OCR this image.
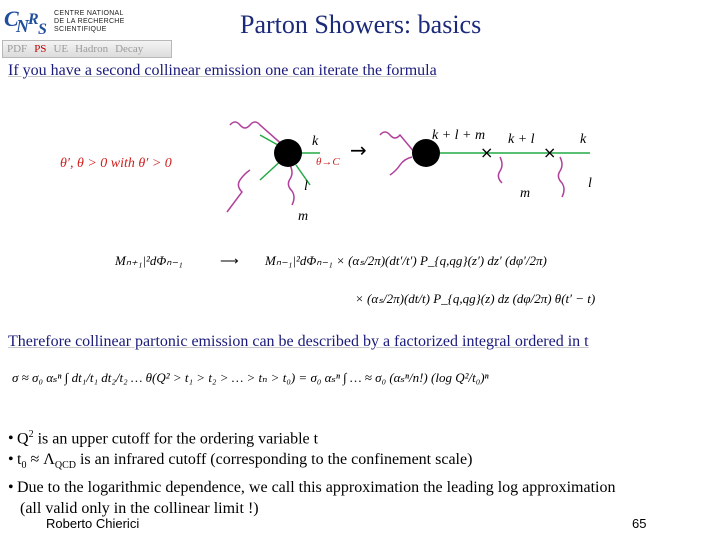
C
N R
S
CENTRE NATIONAL
DE LA RECHERCHE
SCIENTIFIQUE	Parton Showers: basics
PDF PS UE Hadron Decay
If you have a second collinear emission one can iterate the formula
θ′, θ > 0 with θ′ > 0
k
l
m
θ→C →	×	×
k + l + m k + l	k
m
l
Mₙ₊₁|²dΦₙ₋₁	⟶ Mₙ₋₁|²dΦₙ₋₁ × (αₛ/2π)(dt′/t′) P_{q,qg}(z′) dz′ (dφ′/2π)
× (αₛ/2π)(dt/t) P_{q,qg}(z) dz (dφ/2π) θ(t′ − t)
Therefore collinear partonic emission can be described by a factorized integral ordered in t
σ ≈ σ₀ αₛⁿ ∫ dt₁/t₁ dt₂/t₂ … θ(Q² > t₁ > t₂ > … > tₙ > t₀) = σ₀ αₛⁿ ∫ … ≈ σ₀ (αₛⁿ/n!) (log Q²/t₀)ⁿ
• $Q^2$ is an upper cutoff for the ordering variable t
• $t_0 \approx \Lambda_{QCD}$ is an infrared cutoff (corresponding to the confinement scale)
• Due to the logarithmic dependence, we call this approximation the leading log approximation
(all valid only in the collinear limit !)
Roberto Chierici	65
